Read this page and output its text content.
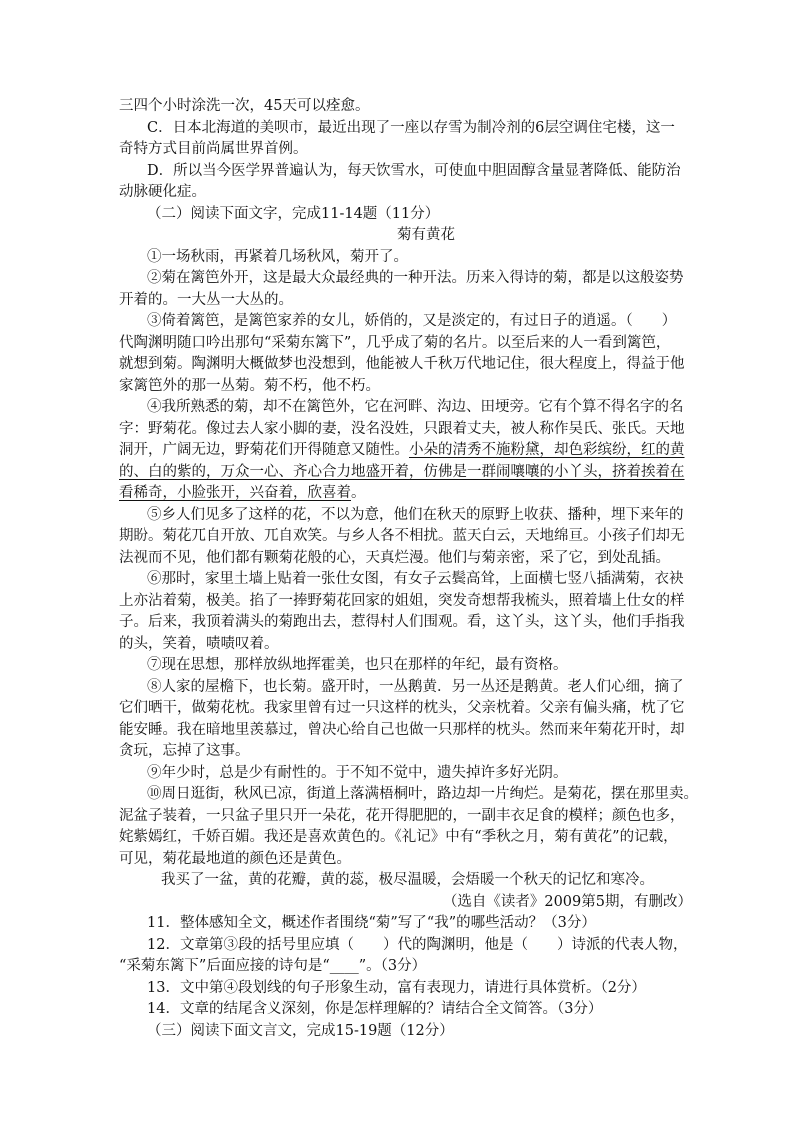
三四个小时涂洗一次，45天可以痊愈。
C．日本北海道的美呗市，最近出现了一座以存雪为制冷剂的6层空调住宅楼，这一
奇特方式目前尚属世界首例。
D．所以当今医学界普遍认为，每天饮雪水，可使血中胆固醇含量显著降低、能防治
动脉硬化症。
（二）阅读下面文字，完成11-14题（11分）
菊有黄花
①一场秋雨，再紧着几场秋风，菊开了。
②菊在篱笆外开，这是最大众最经典的一种开法。历来入得诗的菊，都是以这般姿势
开着的。一大丛一大丛的。
③倚着篱笆，是篱笆家养的女儿，娇俏的，又是淡定的，有过日子的逍遥。（　　）
代陶渊明随口吟出那句“采菊东篱下”，几乎成了菊的名片。以至后来的人一看到篱笆，
就想到菊。陶渊明大概做梦也没想到，他能被人千秋万代地记住，很大程度上，得益于他
家篱笆外的那一丛菊。菊不朽，他不朽。
④我所熟悉的菊，却不在篱笆外，它在河畔、沟边、田埂旁。它有个算不得名字的名
字：野菊花。像过去人家小脚的妻，没名没姓，只跟着丈夫，被人称作吴氏、张氏。天地
洞开，广阔无边，野菊花们开得随意又随性。小朵的清秀不施粉黛，却色彩缤纷，红的黄
的、白的紫的，万众一心、齐心合力地盛开着，仿佛是一群闹嚷嚷的小丫头，挤着挨着在
看稀奇，小脸张开，兴奋着，欣喜着。
⑤乡人们见多了这样的花，不以为意，他们在秋天的原野上收获、播种，埋下来年的
期盼。菊花兀自开放、兀自欢笑。与乡人各不相扰。蓝天白云，天地绵亘。小孩子们却无
法视而不见，他们都有颗菊花般的心，天真烂漫。他们与菊亲密，采了它，到处乱插。
⑥那时，家里土墙上贴着一张仕女图，有女子云鬓高耸，上面横七竖八插满菊，衣袂
上亦沾着菊，极美。掐了一捧野菊花回家的姐姐，突发奇想帮我梳头，照着墙上仕女的样
子。后来，我顶着满头的菊跑出去，惹得村人们围观。看，这丫头，这丫头，他们手指我
的头，笑着，啧啧叹着。
⑦现在思想，那样放纵地挥霍美，也只在那样的年纪，最有资格。
⑧人家的屋檐下，也长菊。盛开时，一丛鹅黄．另一丛还是鹅黄。老人们心细，摘了
它们晒干，做菊花枕。我家里曾有过一只这样的枕头，父亲枕着。父亲有偏头痛，枕了它
能安睡。我在暗地里羡慕过，曾决心给自己也做一只那样的枕头。然而来年菊花开时，却
贪玩，忘掉了这事。
⑨年少时，总是少有耐性的。于不知不觉中，遗失掉许多好光阴。
⑩周日逛街，秋风已凉，街道上落满梧桐叶，路边却一片绚烂。是菊花，摆在那里卖。
泥盆子装着，一只盆子里只开一朵花，花开得肥肥的，一副丰衣足食的模样；颜色也多，
姹紫嫣红，千娇百媚。我还是喜欢黄色的。《礼记》中有“季秋之月，菊有黄花”的记载，
可见，菊花最地道的颜色还是黄色。
我买了一盆，黄的花瓣，黄的蕊，极尽温暖，会焐暖一个秋天的记忆和寒冷。
（选自《读者》2009第5期，有删改）
11．整体感知全文，概述作者围绕“菊”写了“我”的哪些活动？（3分）
12．文章第③段的括号里应填（　　）代的陶渊明，他是（　　）诗派的代表人物，
“采菊东篱下”后面应接的诗句是“____”。（3分）
13．文中第④段划线的句子形象生动，富有表现力，请进行具体赏析。（2分）
14．文章的结尾含义深刻，你是怎样理解的？请结合全文简答。（3分）
（三）阅读下面文言文，完成15-19题（12分）
